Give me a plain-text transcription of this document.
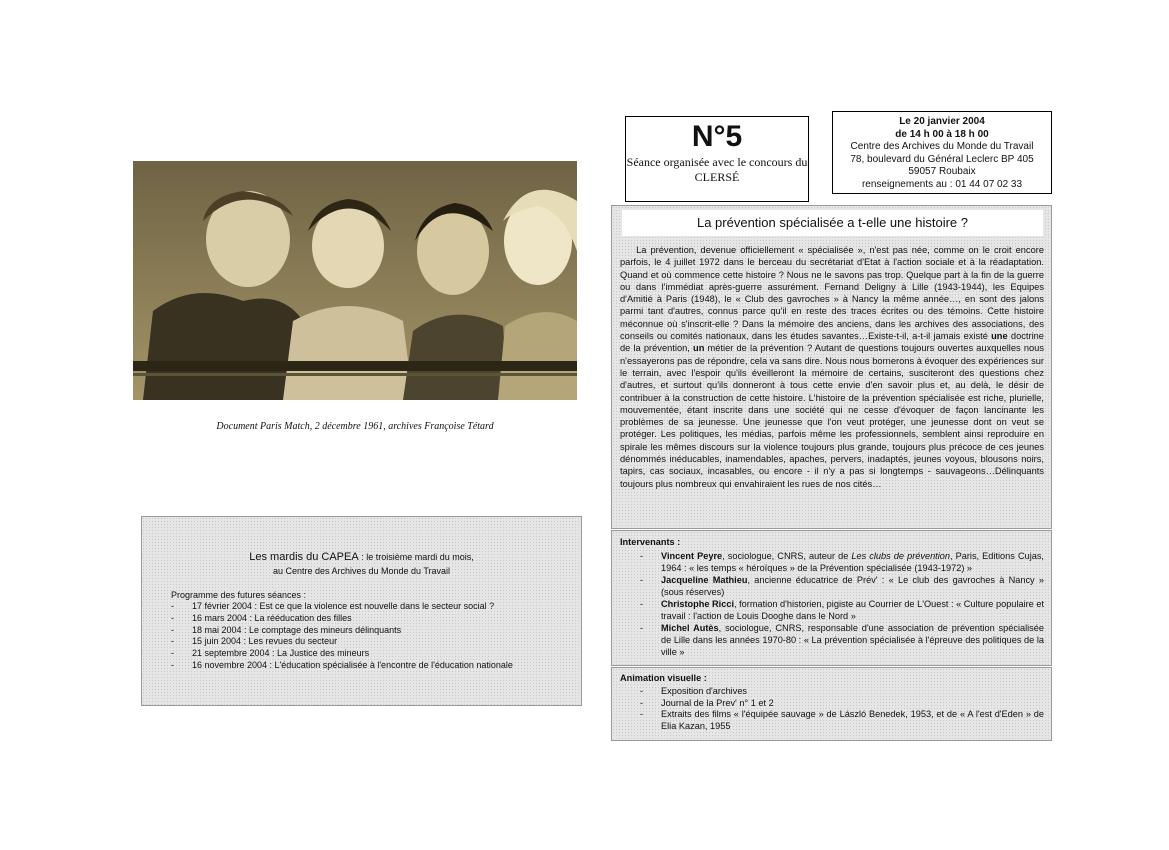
Document Paris Match, 2 décembre 1961, archives Françoise Tétard
N°5
Séance organisée avec le concours du CLERSÉ
Le 20 janvier 2004
de 14 h 00 à 18 h 00
Centre des Archives du Monde du Travail
78, boulevard du Général Leclerc BP 405
59057 Roubaix
renseignements au : 01 44 07 02 33
La prévention spécialisée a t-elle une histoire ?
La prévention, devenue officiellement « spécialisée », n'est pas née, comme on le croit encore parfois, le 4 juillet 1972 dans le berceau du secrétariat d'Etat à l'action sociale et à la réadaptation. Quand et où commence cette histoire ? Nous ne le savons pas trop. Quelque part à la fin de la guerre ou dans l'immédiat après-guerre assurément. Fernand Deligny à Lille (1943-1944), les Equipes d'Amitié à Paris (1948), le « Club des gavroches » à Nancy la même année…, en sont des jalons parmi tant d'autres, connus parce qu'il en reste des traces écrites ou des témoins. Cette histoire méconnue où s'inscrit-elle ? Dans la mémoire des anciens, dans les archives des associations, des conseils ou comités nationaux, dans les études savantes…Existe-t-il, a-t-il jamais existé une doctrine de la prévention, un métier de la prévention ? Autant de questions toujours ouvertes auxquelles nous n'essayerons pas de répondre, cela va sans dire. Nous nous bornerons à évoquer des expériences sur le terrain, avec l'espoir qu'ils éveilleront la mémoire de certains, susciteront des questions chez d'autres, et surtout qu'ils donneront à tous cette envie d'en savoir plus et, au delà, le désir de contribuer à la construction de cette histoire. L'histoire de la prévention spécialisée est riche, plurielle, mouvementée, étant inscrite dans une société qui ne cesse d'évoquer de façon lancinante les problèmes de sa jeunesse. Une jeunesse que l'on veut protéger, une jeunesse dont on veut se protéger. Les politiques, les médias, parfois même les professionnels, semblent ainsi reproduire en spirale les mêmes discours sur la violence toujours plus grande, toujours plus précoce de ces jeunes dénommés inéducables, inamendables, apaches, pervers, inadaptés, jeunes voyous, blousons noirs, tapirs, cas sociaux, incasables, ou encore - il n'y a pas si longtemps - sauvageons…Délinquants toujours plus nombreux qui envahiraient les rues de nos cités…
Intervenants :
- Vincent Peyre, sociologue, CNRS, auteur de Les clubs de prévention, Paris, Editions Cujas, 1964 : « les temps « héroïques » de la Prévention spécialisée (1943-1972) »
- Jacqueline Mathieu, ancienne éducatrice de Prév' : « Le club des gavroches à Nancy » (sous réserves)
- Christophe Ricci, formation d'historien, pigiste au Courrier de L'Ouest : « Culture populaire et travail : l'action de Louis Dooghe dans le Nord »
- Michel Autès, sociologue, CNRS, responsable d'une association de prévention spécialisée de Lille dans les années 1970-80 : « La prévention spécialisée à l'épreuve des politiques de la ville »
Animation visuelle :
- Exposition d'archives
- Journal de la Prev' n° 1 et 2
- Extraits des films « l'équipée sauvage » de László Benedek, 1953, et de « A l'est d'Eden » de Elia Kazan, 1955
Les mardis du CAPEA : le troisième mardi du mois,
au Centre des Archives du Monde du Travail
Programme des futures séances :
- 17 février 2004 : Est ce que la violence est nouvelle dans le secteur social ?
- 16 mars 2004 : La rééducation des filles
- 18 mai 2004 : Le comptage des mineurs délinquants
- 15 juin 2004 : Les revues du secteur
- 21 septembre 2004 : La Justice des mineurs
- 16 novembre 2004 : L'éducation spécialisée à l'encontre de l'éducation nationale
